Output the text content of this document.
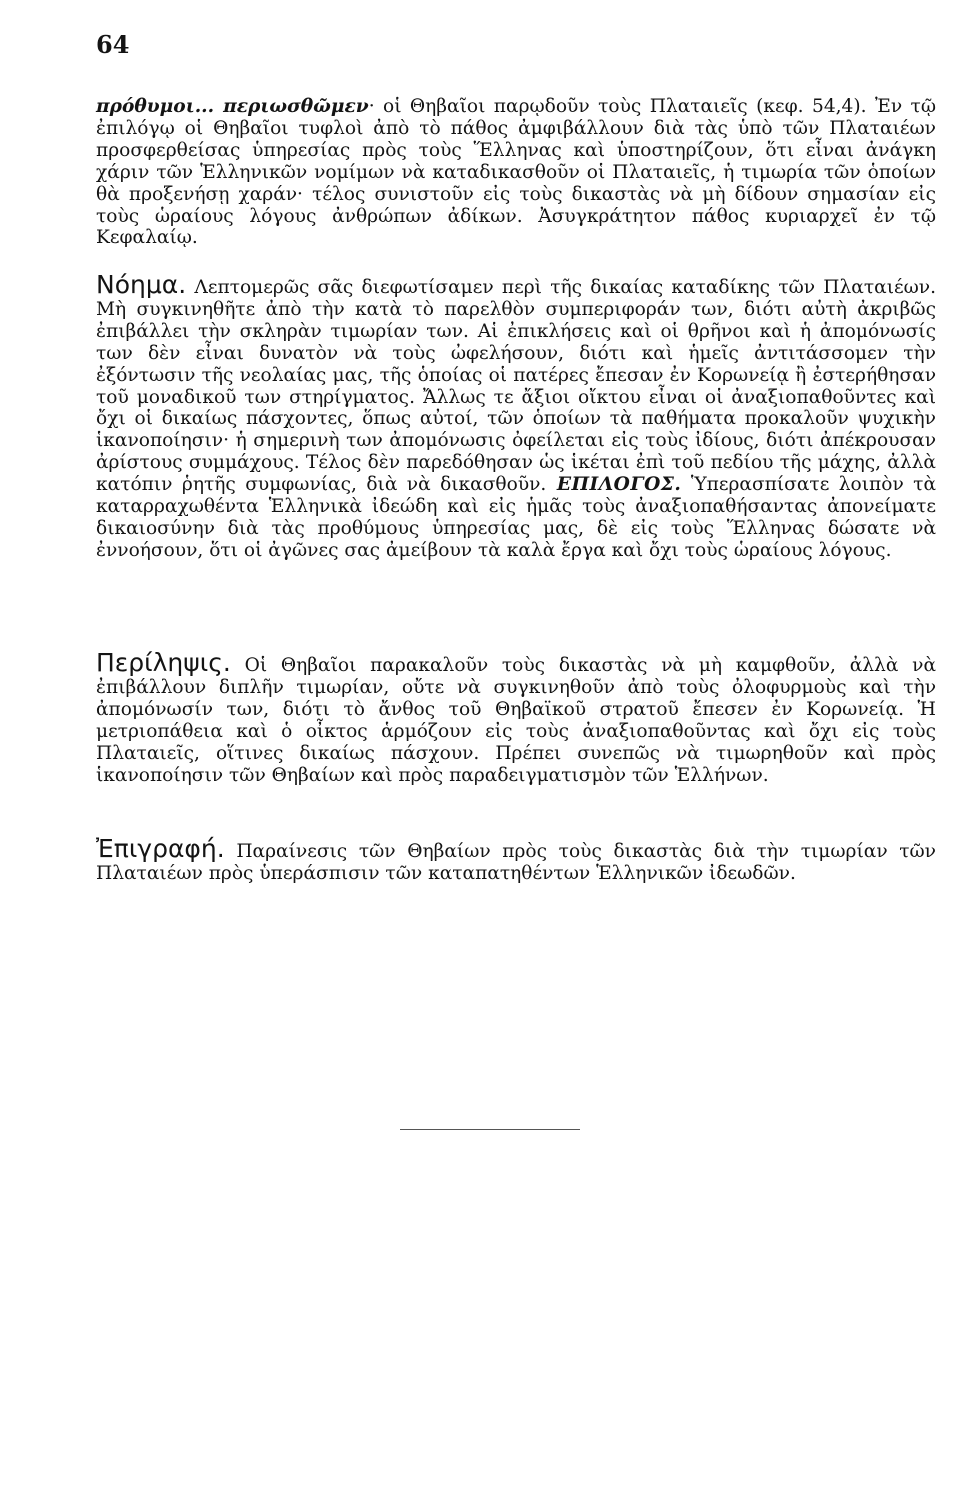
64

πρόθυμοι... περιωσθῶμεν· οἱ Θηβαῖοι παρῳδοῦν τοὺς Πλαταιεῖς (κεφ. 54,4). Ἐν τῷ ἐπιλόγῳ οἱ Θηβαῖοι τυφλοὶ ἀπὸ τὸ πάθος ἀμφιβάλλουν διὰ τὰς ὑπὸ τῶν Πλαταιέων προσφερθείσας ὑπηρεσίας πρὸς τοὺς Ἕλληνας καὶ ὑποστηρίζουν, ὅτι εἶναι ἀνάγκη χάριν τῶν Ἑλληνικῶν νομίμων νὰ καταδικασθοῦν οἱ Πλαταιεῖς, ἡ τιμωρία τῶν ὁποίων θὰ προξενήσῃ χαράν· τέλος συνιστοῦν εἰς τοὺς δικαστὰς νὰ μὴ δίδουν σημασίαν εἰς τοὺς ὡραίους λόγους ἀνθρώπων ἀδίκων. Ἀσυγκράτητον πάθος κυριαρχεῖ ἐν τῷ Κεφαλαίῳ.

Νόημα. Λεπτομερῶς σᾶς διεφωτίσαμεν περὶ τῆς δικαίας καταδίκης τῶν Πλαταιέων. Μὴ συγκινηθῆτε ἀπὸ τὴν κατὰ τὸ παρελθὸν συμπεριφοράν των, διότι αὐτὴ ἀκριβῶς ἐπιβάλλει τὴν σκληρὰν τιμωρίαν των. Αἱ ἐπικλήσεις καὶ οἱ θρῆνοι καὶ ἡ ἀπομόνωσίς των δὲν εἶναι δυνατὸν νὰ τοὺς ὠφελήσουν, διότι καὶ ἡμεῖς ἀντιτάσσομεν τὴν ἐξόντωσιν τῆς νεολαίας μας, τῆς ὁποίας οἱ πατέρες ἔπεσαν ἐν Κορωνείᾳ ἢ ἐστερήθησαν τοῦ μοναδικοῦ των στηρίγματος. Ἄλλως τε ἄξιοι οἴκτου εἶναι οἱ ἀναξιοπαθοῦντες καὶ ὄχι οἱ δικαίως πάσχοντες, ὅπως αὐτοί, τῶν ὁποίων τὰ παθήματα προκαλοῦν ψυχικὴν ἱκανοποίησιν· ἡ σημερινὴ των ἀπομόνωσις ὀφείλεται εἰς τοὺς ἰδίους, διότι ἀπέκρουσαν ἀρίστους συμμάχους. Τέλος δὲν παρεδόθησαν ὡς ἱκέται ἐπὶ τοῦ πεδίου τῆς μάχης, ἀλλὰ κατόπιν ῥητῆς συμφωνίας, διὰ νὰ δικασθοῦν. ΕΠΙΛΟΓΟΣ. Ὑπερασπίσατε λοιπὸν τὰ καταρραχωθέντα Ἑλληνικὰ ἰδεώδη καὶ εἰς ἡμᾶς τοὺς ἀναξιοπαθήσαντας ἀπονείματε δικαιοσύνην διὰ τὰς προθύμους ὑπηρεσίας μας, δὲ εἰς τοὺς Ἕλληνας δώσατε νὰ ἐννοήσουν, ὅτι οἱ ἀγῶνες σας ἀμείβουν τὰ καλὰ ἔργα καὶ ὄχι τοὺς ὡραίους λόγους.

Περίληψις. Οἱ Θηβαῖοι παρακαλοῦν τοὺς δικαστὰς νὰ μὴ καμφθοῦν, ἀλλὰ νὰ ἐπιβάλλουν διπλῆν τιμωρίαν, οὔτε νὰ συγκινηθοῦν ἀπὸ τοὺς ὀλοφυρμοὺς καὶ τὴν ἀπομόνωσίν των, διότι τὸ ἄνθος τοῦ Θηβαϊκοῦ στρατοῦ ἔπεσεν ἐν Κορωνείᾳ. Ἡ μετριοπάθεια καὶ ὁ οἶκτος ἁρμόζουν εἰς τοὺς ἀναξιοπαθοῦντας καὶ ὄχι εἰς τοὺς Πλαταιεῖς, οἵτινες δικαίως πάσχουν. Πρέπει συνεπῶς νὰ τιμωρηθοῦν καὶ πρὸς ἱκανοποίησιν τῶν Θηβαίων καὶ πρὸς παραδειγματισμὸν τῶν Ἑλλήνων.

Ἐπιγραφή. Παραίνεσις τῶν Θηβαίων πρὸς τοὺς δικαστὰς διὰ τὴν τιμωρίαν τῶν Πλαταιέων πρὸς ὑπεράσπισιν τῶν καταπατηθέντων Ἑλληνικῶν ἰδεωδῶν.
